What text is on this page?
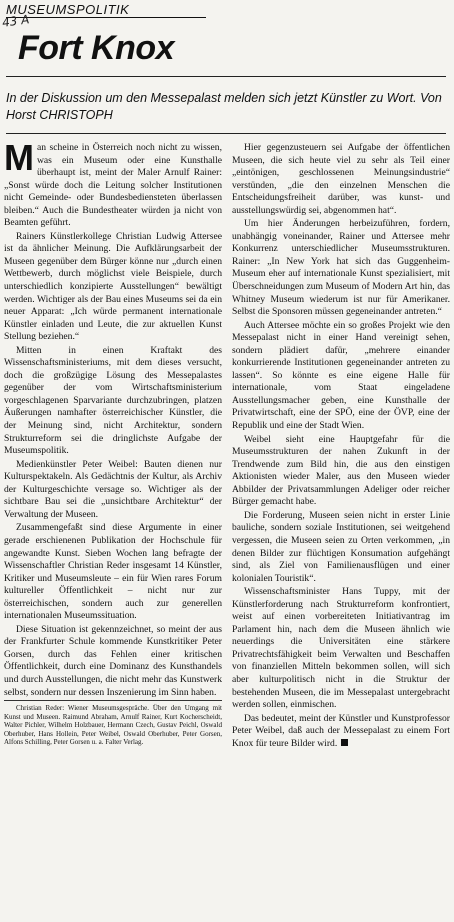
MUSEUMSPOLITIK
43 A
Fort Knox
In der Diskussion um den Messepalast melden sich jetzt Künstler zu Wort. Von Horst CHRISTOPH

Man scheine in Österreich noch nicht zu wissen, was ein Museum oder eine Kunsthalle überhaupt ist, meint der Maler Arnulf Rainer: „Sonst würde doch die Leitung solcher Institutionen nicht Gemeinde- oder Bundesbediensteten überlassen bleiben.“ Auch die Bundestheater würden ja nicht von Beamten geführt.

Rainers Künstlerkollege Christian Ludwig Attersee ist da ähnlicher Meinung. Die Aufklärungsarbeit der Museen gegenüber dem Bürger könne nur „durch einen Wettbewerb, durch möglichst viele Beispiele, durch unterschiedlich konzipierte Ausstellungen“ bewältigt werden. Wichtiger als der Bau eines Museums sei da ein neuer Apparat: „Ich würde permanent internationale Künstler einladen und Leute, die zur aktuellen Kunst Stellung beziehen.“

Mitten in einen Kraftakt des Wissenschaftsministeriums, mit dem dieses versucht, doch die großzügige Lösung des Messepalastes gegenüber der vom Wirtschaftsministerium vorgeschlagenen Sparvariante durchzubringen, platzen Äußerungen namhafter österreichischer Künstler, die der Meinung sind, nicht Architektur, sondern Strukturreform sei die dringlichste Aufgabe der Museumspolitik.

Medienkünstler Peter Weibel: Bauten dienen nur Kulturspektakeln. Als Gedächtnis der Kultur, als Archiv der Kulturgeschichte versage so. Wichtiger als der sichtbare Bau sei die „unsichtbare Architektur“ der Verwaltung der Museen.

Zusammengefaßt sind diese Argumente in einer gerade erschienenen Publikation der Hochschule für angewandte Kunst. Sieben Wochen lang befragte der Wissenschaftler Christian Reder insgesamt 14 Künstler, Kritiker und Museumsleute – ein für Wien rares Forum kultureller Öffentlichkeit – nicht nur zur österreichischen, sondern auch zur generellen internationalen Museumssituation.

Diese Situation ist gekennzeichnet, so meint der aus der Frankfurter Schule kommende Kunstkritiker Peter Gorsen, durch das Fehlen einer kritischen Öffentlichkeit, durch eine Dominanz des Kunsthandels und durch Ausstellungen, die nicht mehr das Kunstwerk selbst, sondern nur dessen Inszenierung im Sinn haben.

Christian Reder: Wiener Museumsgespräche. Über den Umgang mit Kunst und Museen. Raimund Abraham, Arnulf Rainer, Kurt Kocherscheidt, Walter Pichler, Wilhelm Holzbauer, Hermann Czech, Gustav Peichl, Oswald Oberhuber, Hans Hollein, Peter Weibel, Oswald Oberhuber, Peter Gorsen, Alfons Schilling, Peter Gorsen u. a. Falter Verlag.

Hier gegenzusteuern sei Aufgabe der öffentlichen Museen, die sich heute viel zu sehr als Teil einer „eintönigen, geschlossenen Meinungsindustrie“ verstünden, „die den einzelnen Menschen die Entscheidungsfreiheit darüber, was kunst- und ausstellungswürdig sei, abgenommen hat“.

Um hier Änderungen herbeizuführen, fordern, unabhängig voneinander, Rainer und Attersee mehr Konkurrenz unterschiedlicher Museumsstrukturen. Rainer: „In New York hat sich das Guggenheim-Museum eher auf internationale Kunst spezialisiert, mit Überschneidungen zum Museum of Modern Art hin, das Whitney Museum wiederum ist nur für Amerikaner. Selbst die Sponsoren müssen gegeneinander antreten.“

Auch Attersee möchte ein so großes Projekt wie den Messepalast nicht in einer Hand vereinigt sehen, sondern plädiert dafür, „mehrere einander konkurrierende Institutionen gegeneinander antreten zu lassen“. So könnte es eine eigene Halle für internationale, vom Staat eingeladene Ausstellungsmacher geben, eine Kunsthalle der Privatwirtschaft, eine der SPÖ, eine der ÖVP, eine der Republik und eine der Stadt Wien.

Weibel sieht eine Hauptgefahr für die Museumsstrukturen der nahen Zukunft in der Trendwende zum Bild hin, die aus den einstigen Aktionisten wieder Maler, aus den Museen wieder Abbilder der Privatsammlungen Adeliger oder reicher Bürger gemacht habe.

Die Forderung, Museen seien nicht in erster Linie bauliche, sondern soziale Institutionen, sei weitgehend vergessen, die Museen seien zu Orten verkommen, „in denen Bilder zur flüchtigen Konsumation aufgehängt sind, als Ziel von Familienausflügen und einer kolonialen Touristik“.

Wissenschaftsminister Hans Tuppy, mit der Künstlerforderung nach Strukturreform konfrontiert, weist auf einen vorbereiteten Initiativantrag im Parlament hin, nach dem die Museen ähnlich wie neuerdings die Universitäten eine stärkere Privatrechtsfähigkeit beim Verwalten und Beschaffen von finanziellen Mitteln bekommen sollen, will sich aber kulturpolitisch nicht in die Struktur der bestehenden Museen, die im Messepalast untergebracht werden sollen, einmischen.

Das bedeutet, meint der Künstler und Kunstprofessor Peter Weibel, daß auch der Messepalast zu einem Fort Knox für teure Bilder wird.
